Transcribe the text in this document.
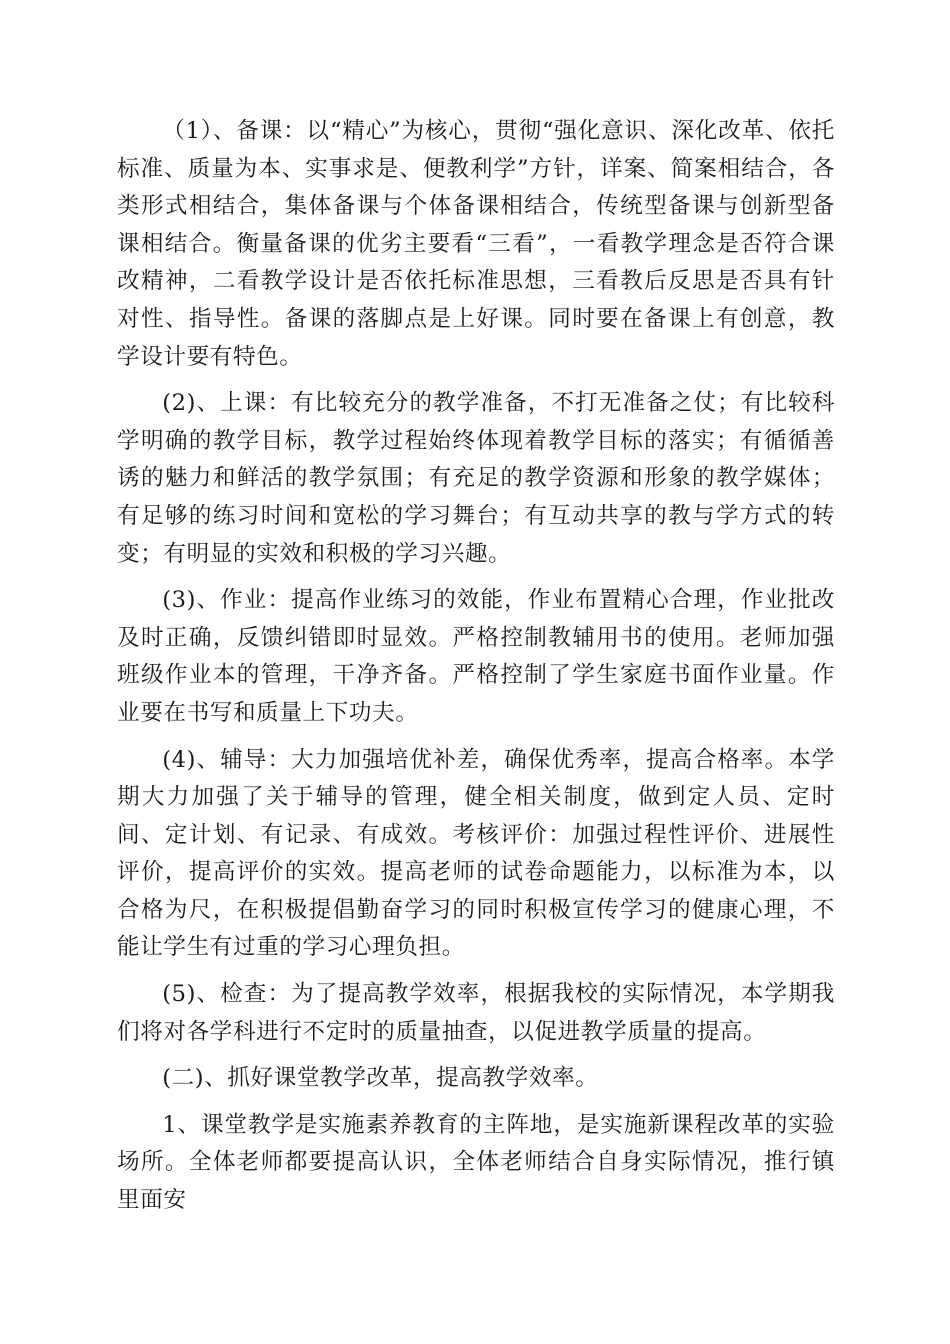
（1）、备课：以“精心”为核心，贯彻“强化意识、深化改革、依托标准、质量为本、实事求是、便教利学”方针，详案、简案相结合，各类形式相结合，集体备课与个体备课相结合，传统型备课与创新型备课相结合。衡量备课的优劣主要看“三看”，一看教学理念是否符合课改精神，二看教学设计是否依托标准思想，三看教后反思是否具有针对性、指导性。备课的落脚点是上好课。同时要在备课上有创意，教学设计要有特色。

(2)、上课：有比较充分的教学准备，不打无准备之仗；有比较科学明确的教学目标，教学过程始终体现着教学目标的落实；有循循善诱的魅力和鲜活的教学氛围；有充足的教学资源和形象的教学媒体；有足够的练习时间和宽松的学习舞台；有互动共享的教与学方式的转变；有明显的实效和积极的学习兴趣。

(3)、作业：提高作业练习的效能，作业布置精心合理，作业批改及时正确，反馈纠错即时显效。严格控制教辅用书的使用。老师加强班级作业本的管理，干净齐备。严格控制了学生家庭书面作业量。作业要在书写和质量上下功夫。

(4)、辅导：大力加强培优补差，确保优秀率，提高合格率。本学期大力加强了关于辅导的管理，健全相关制度，做到定人员、定时间、定计划、有记录、有成效。考核评价：加强过程性评价、进展性评价，提高评价的实效。提高老师的试卷命题能力，以标准为本，以合格为尺，在积极提倡勤奋学习的同时积极宣传学习的健康心理，不能让学生有过重的学习心理负担。

(5)、检查：为了提高教学效率，根据我校的实际情况，本学期我们将对各学科进行不定时的质量抽查，以促进教学质量的提高。

(二)、抓好课堂教学改革，提高教学效率。

1、课堂教学是实施素养教育的主阵地，是实施新课程改革的实验场所。全体老师都要提高认识，全体老师结合自身实际情况，推行镇里面安
